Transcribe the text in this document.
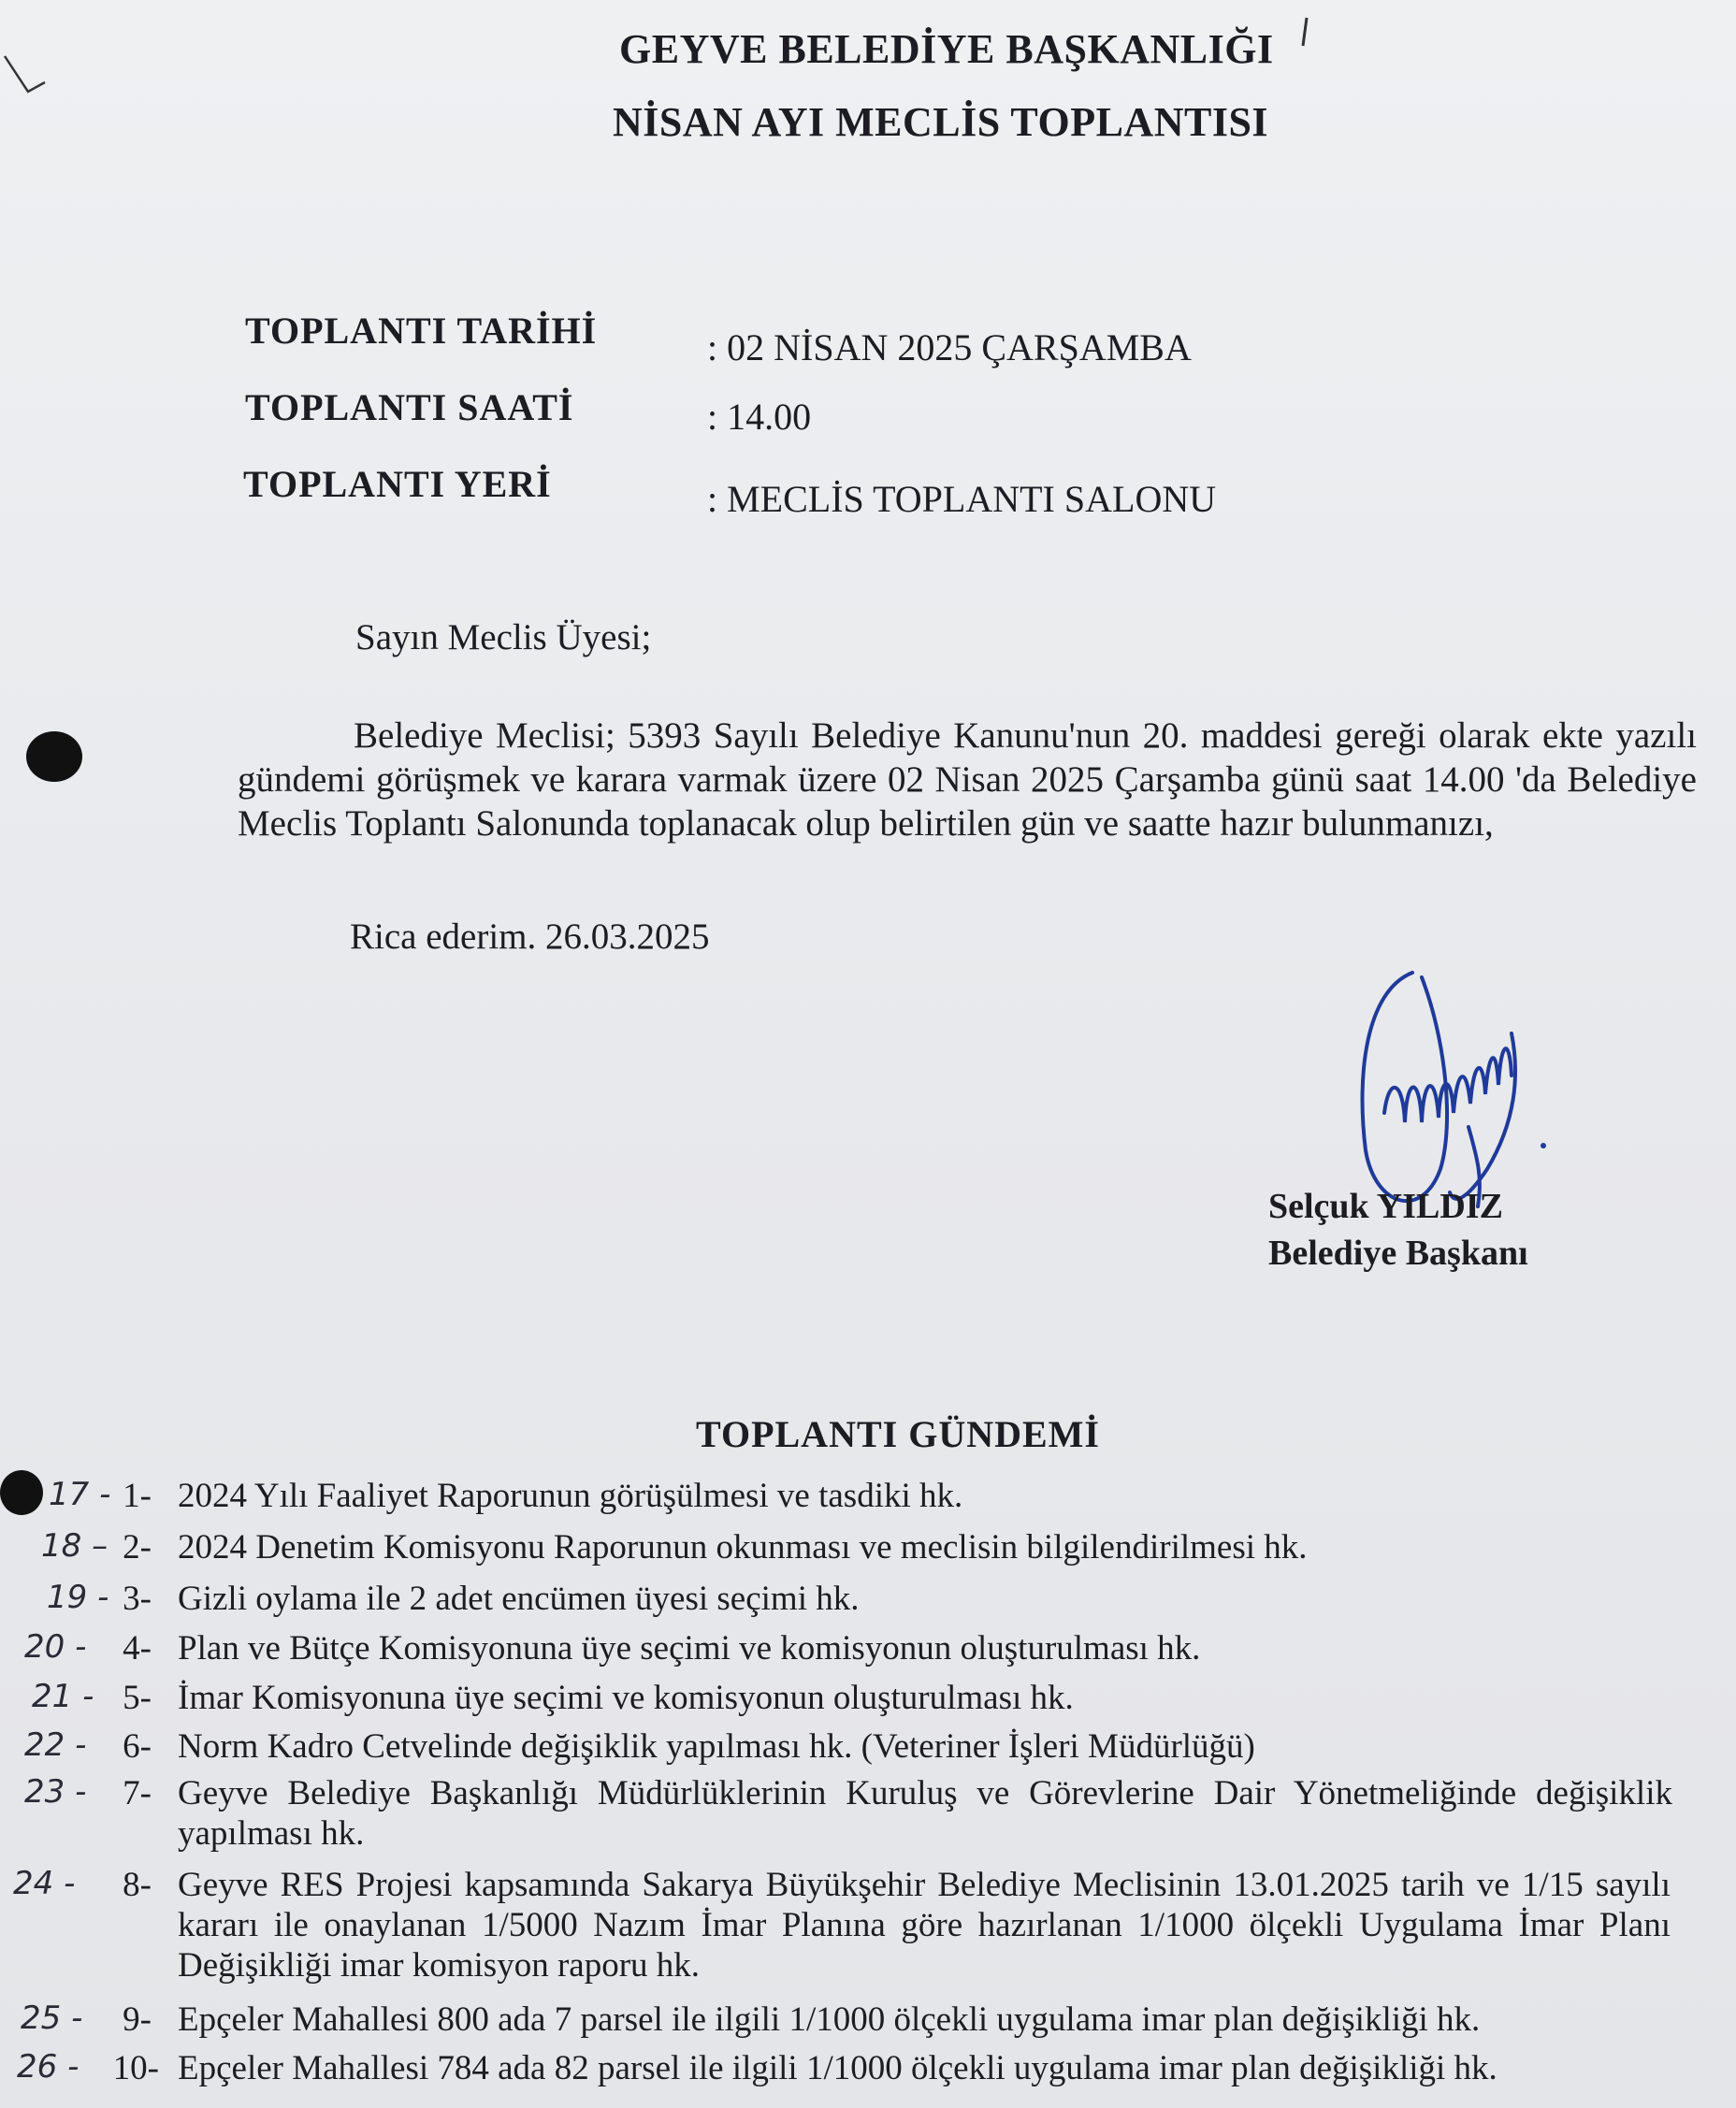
GEYVE BELEDİYE BAŞKANLIĞI
NİSAN AYI MECLİS TOPLANTISI
TOPLANTI TARİHİ	: 02 NİSAN 2025 ÇARŞAMBA
TOPLANTI SAATİ	: 14.00
TOPLANTI YERİ	: MECLİS TOPLANTI SALONU
Sayın Meclis Üyesi;
Belediye Meclisi; 5393 Sayılı Belediye Kanunu'nun 20. maddesi gereği olarak ekte yazılı gündemi görüşmek ve karara varmak üzere 02 Nisan 2025 Çarşamba günü saat 14.00 'da Belediye Meclis Toplantı Salonunda toplanacak olup belirtilen gün ve saatte hazır bulunmanızı,
Rica ederim. 26.03.2025
Selçuk YILDIZ
Belediye Başkanı
TOPLANTI GÜNDEMİ
17 - 1- 2024 Yılı Faaliyet Raporunun görüşülmesi ve tasdiki hk.
18 – 2- 2024 Denetim Komisyonu Raporunun okunması ve meclisin bilgilendirilmesi hk.
19 - 3- Gizli oylama ile 2 adet encümen üyesi seçimi hk.
20 -	4- Plan ve Bütçe Komisyonuna üye seçimi ve komisyonun oluşturulması hk.
21 - 5- İmar Komisyonuna üye seçimi ve komisyonun oluşturulması hk.
22 -	6- Norm Kadro Cetvelinde değişiklik yapılması hk. (Veteriner İşleri Müdürlüğü)
23 -	7- Geyve Belediye Başkanlığı Müdürlüklerinin Kuruluş ve Görevlerine Dair Yönetmeliğinde değişiklik yapılması hk.
24 -	8- Geyve RES Projesi kapsamında Sakarya Büyükşehir Belediye Meclisinin 13.01.2025 tarih ve 1/15 sayılı kararı ile onaylanan 1/5000 Nazım İmar Planına göre hazırlanan 1/1000 ölçekli Uygulama İmar Planı Değişikliği imar komisyon raporu hk.
25 -	9- Epçeler Mahallesi 800 ada 7 parsel ile ilgili 1/1000 ölçekli uygulama imar plan değişikliği hk.
26 - 10- Epçeler Mahallesi 784 ada 82 parsel ile ilgili 1/1000 ölçekli uygulama imar plan değişikliği hk.
